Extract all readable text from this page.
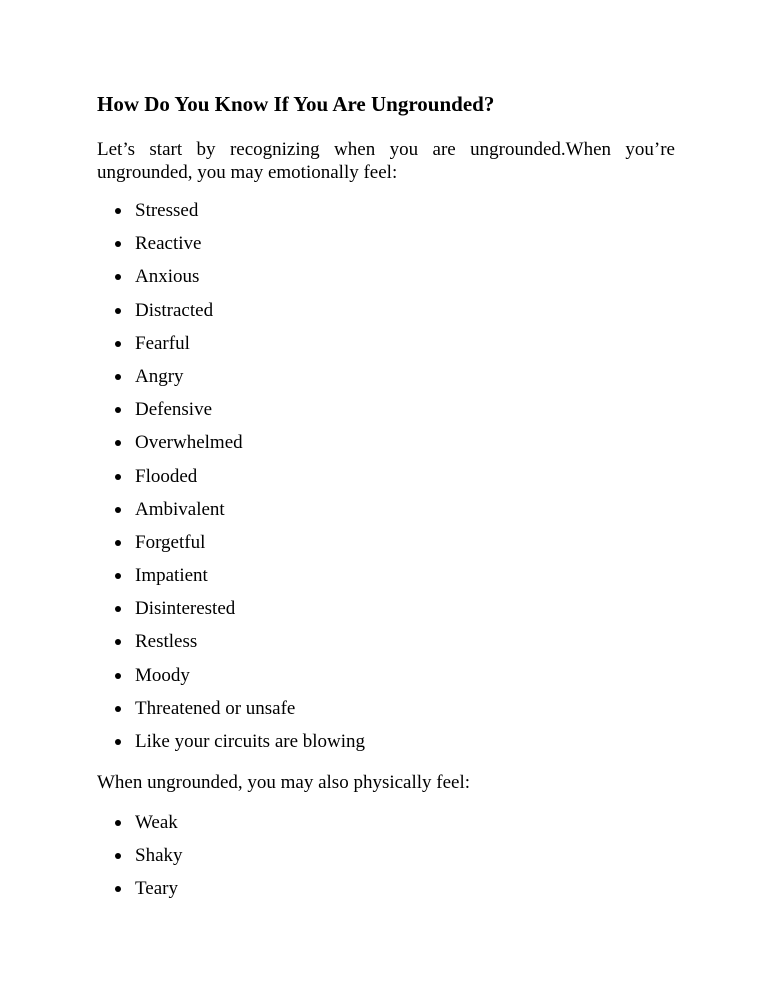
How Do You Know If You Are Ungrounded?

Let’s start by recognizing when you are ungrounded.When you’re ungrounded, you may emotionally feel:

Stressed
Reactive
Anxious
Distracted
Fearful
Angry
Defensive
Overwhelmed
Flooded
Ambivalent
Forgetful
Impatient
Disinterested
Restless
Moody
Threatened or unsafe
Like your circuits are blowing

When ungrounded, you may also physically feel:

Weak
Shaky
Teary
